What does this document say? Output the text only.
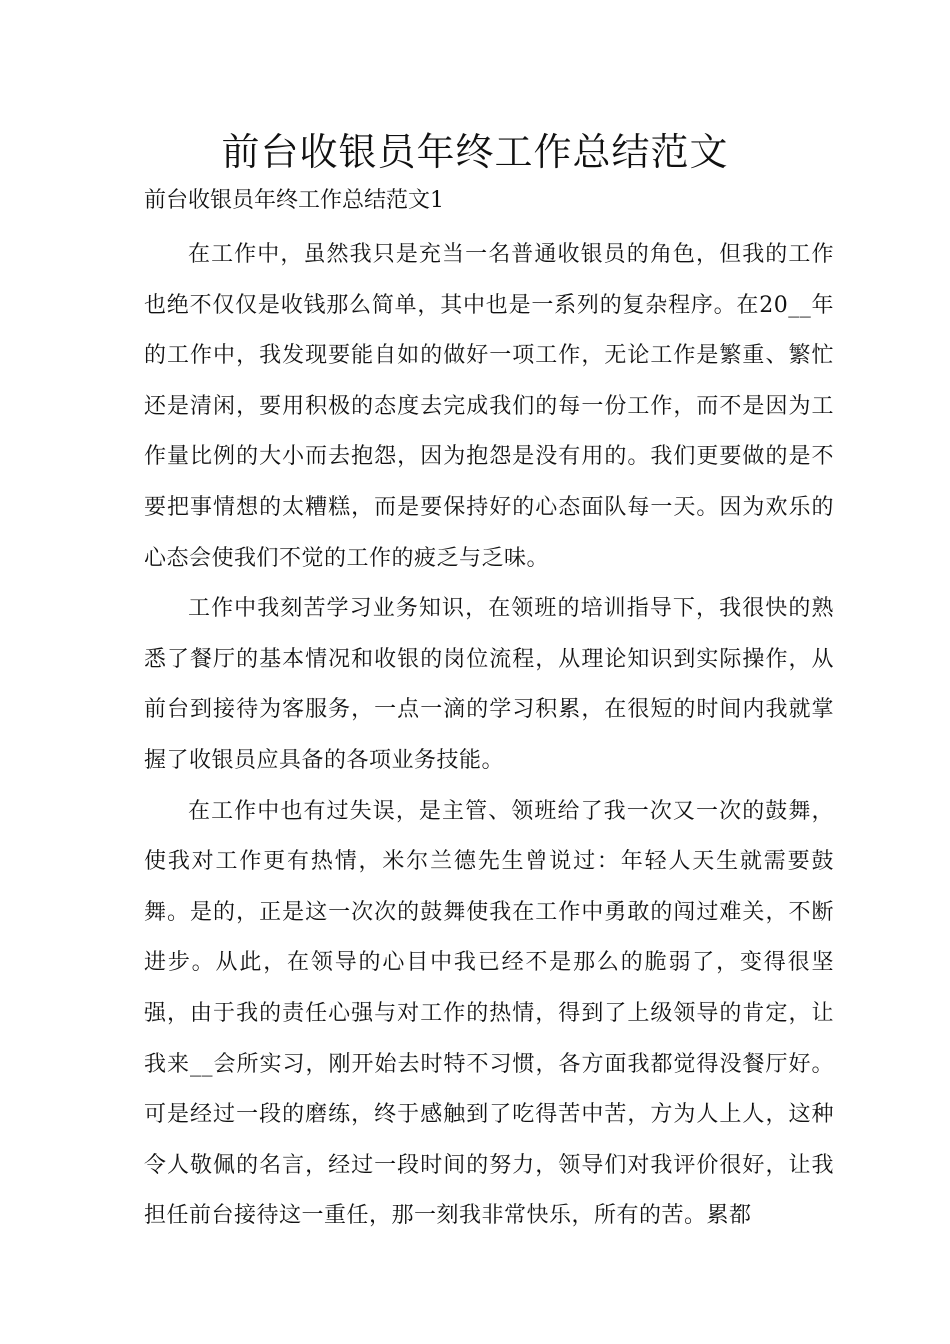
前台收银员年终工作总结范文

前台收银员年终工作总结范文1

在工作中，虽然我只是充当一名普通收银员的角色，但我的工作也绝不仅仅是收钱那么简单，其中也是一系列的复杂程序。在20__年的工作中，我发现要能自如的做好一项工作，无论工作是繁重、繁忙还是清闲，要用积极的态度去完成我们的每一份工作，而不是因为工作量比例的大小而去抱怨，因为抱怨是没有用的。我们更要做的是不要把事情想的太糟糕，而是要保持好的心态面队每一天。因为欢乐的心态会使我们不觉的工作的疲乏与乏味。

工作中我刻苦学习业务知识，在领班的培训指导下，我很快的熟悉了餐厅的基本情况和收银的岗位流程，从理论知识到实际操作，从前台到接待为客服务，一点一滴的学习积累，在很短的时间内我就掌握了收银员应具备的各项业务技能。

在工作中也有过失误，是主管、领班给了我一次又一次的鼓舞，使我对工作更有热情，米尔兰德先生曾说过：年轻人天生就需要鼓舞。是的，正是这一次次的鼓舞使我在工作中勇敢的闯过难关，不断进步。从此，在领导的心目中我已经不是那么的脆弱了，变得很坚强，由于我的责任心强与对工作的热情，得到了上级领导的肯定，让我来__会所实习，刚开始去时特不习惯，各方面我都觉得没餐厅好。可是经过一段的磨练，终于感触到了吃得苦中苦，方为人上人，这种令人敬佩的名言，经过一段时间的努力，领导们对我评价很好，让我担任前台接待这一重任，那一刻我非常快乐，所有的苦。累都
